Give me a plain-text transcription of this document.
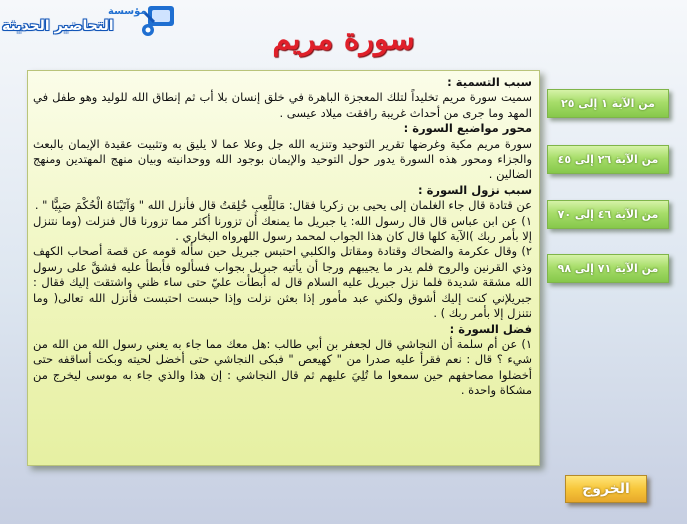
مؤسسة
التحاضير الحديثة	سورة مريم
سبب التسمية :

سميت سورة مريم تخليداً لتلك المعجزة الباهرة في خلق إنسان بلا أب ثم إنطاق الله للوليد وهو طفل في المهد وما جرى من أحداث غريبة رافقت ميلاد عيسى .

محور مواضيع السورة :

سورة مريم مكية وغرضها تقرير التوحيد وتنزيه الله جل وعلا عما لا يليق به وتثبيت عقيدة الإيمان بالبعث والجزاء ومحور هذه السورة يدور حول التوحيد والإيمان بوجود الله ووحدانيته وبيان منهج المهتدين ومنهج الضالين .

سبب نزول السورة :

عن قتادة قال جاء الغلمان إلى يحيى بن زكريا فقال: مَالِلَّعِبِ خُلِقتُ قال فأنزل الله " وَآتَيْنَاهُ الْحُكْمَ صَبِيًّا " .

١) عن ابن عباس قال قال رسول الله: يا جبريل ما يمنعك أن تزورنا أكثر مما تزورنا قال فنزلت (وما نتنزل إلا بأمر ربك )الآية كلها قال كان هذا الجواب لمحمد رسول اللهرواه البخاري .

٢) وقال عكرمة والضحاك وقتادة ومقاتل والكلبي احتبس جبريل حين سأله قومه عن قصة أصحاب الكهف وذي القرنين والروح فلم يدر ما يجيبهم ورجا أن يأتيه جبريل بجواب فسألوه فأبطأ عليه فشقَّ على رسول الله مشقة شديدة فلما نزل جبريل عليه السلام قال له أبطأت عليّ حتى ساء ظني واشتقت إليك فقال : جبريلإني كنت إليك أشوق ولكني عبد مأمور إذا بعثن نزلت وإذا حبست احتبست فأنزل الله تعالى( وما نتنزل إلا بأمر ربك ) .

فضل السورة :

١) عن أم سلمة أن النجاشي قال لجعفر بن أبي طالب :هل معك مما جاء به يعني رسول الله من الله من شيء ؟ قال : نعم فقرأ عليه صدرا من " كهيعص " فبكى النجاشي حتى أخضل لحيته وبكت أساقفه حتى أخضلوا مصاحفهم حين سمعوا ما تُلِيَ عليهم ثم قال النجاشي : إن هذا والذي جاء به موسى ليخرج من مشكاة واحدة .

من الآية ١ إلى ٢٥
من الآية ٢٦ إلى ٤٥
من الآية ٤٦ إلى ٧٠
من الآية ٧١ إلى ٩٨
الخروج
